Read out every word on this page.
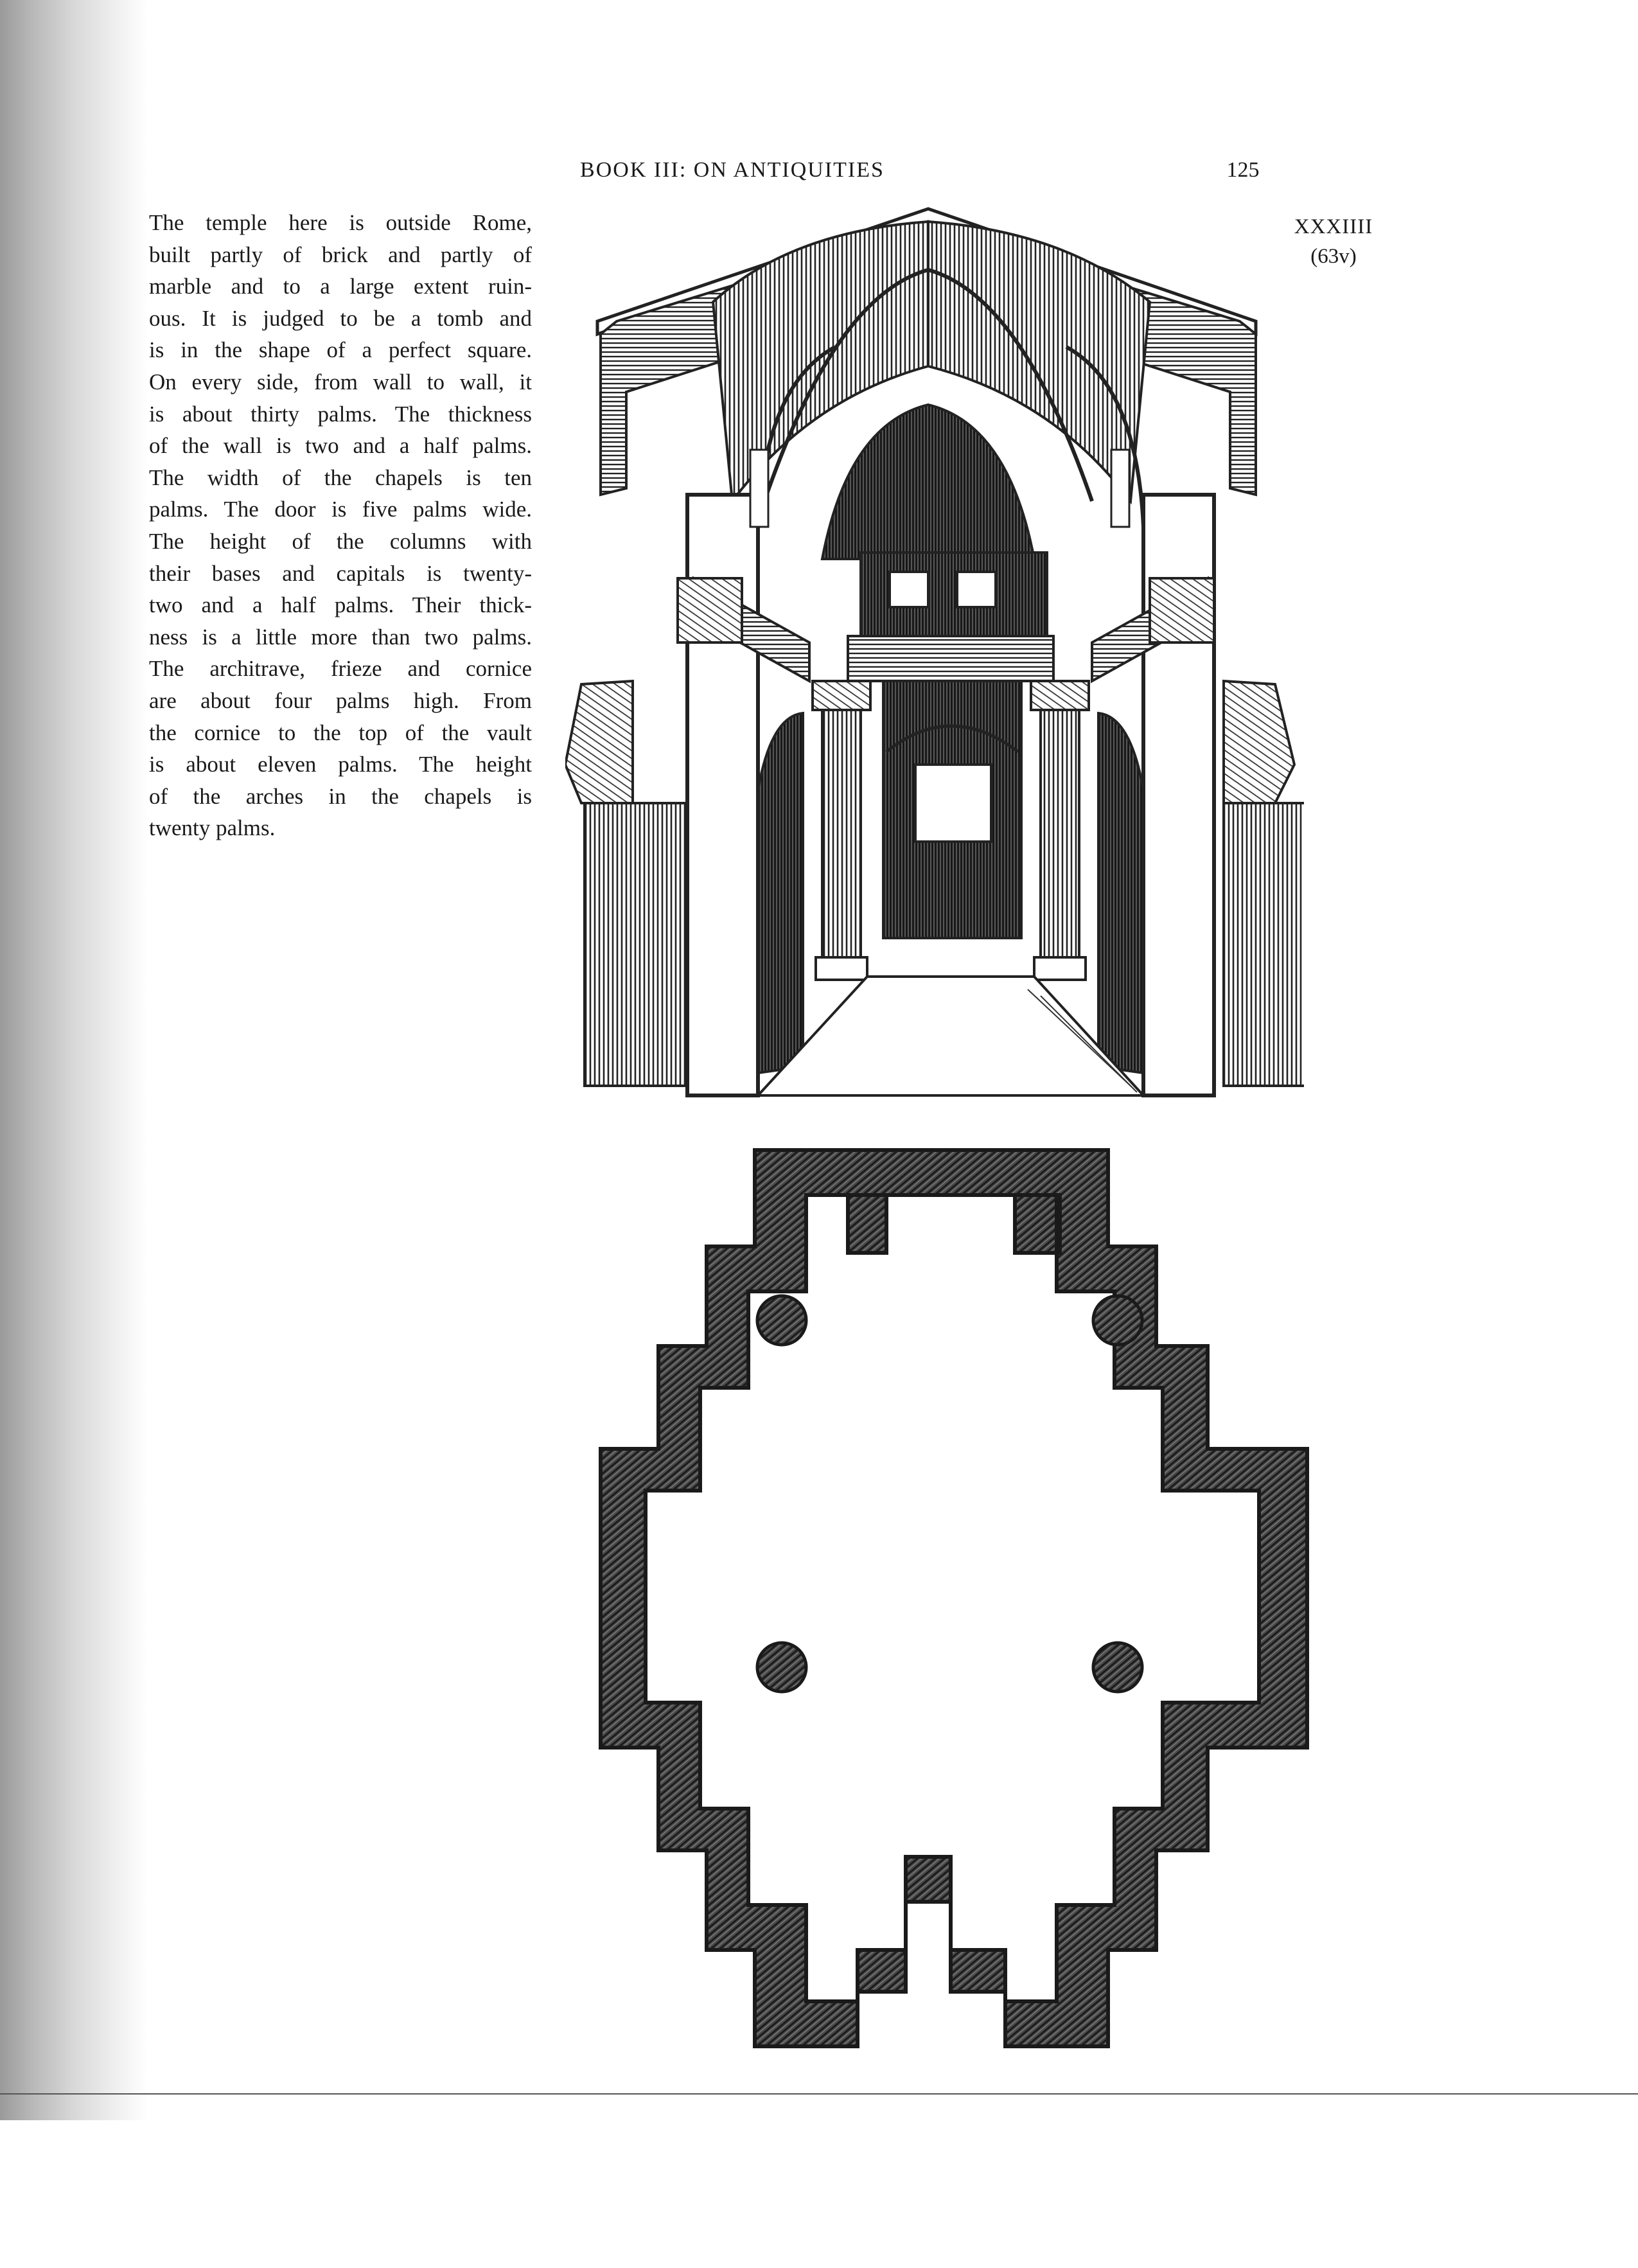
BOOK III: ON ANTIQUITIES	125
XXXIIII
(63v)
The temple here is outside Rome,
built partly of brick and partly of
marble and to a large extent ruin-
ous. It is judged to be a tomb and
is in the shape of a perfect square.
On every side, from wall to wall, it
is about thirty palms. The thickness
of the wall is two and a half palms.
The width of the chapels is ten
palms. The door is five palms wide.
The height of the columns with
their bases and capitals is twenty-
two and a half palms. Their thick-
ness is a little more than two palms.
The architrave, frieze and cornice
are about four palms high. From
the cornice to the top of the vault
is about eleven palms. The height
of the arches in the chapels is
twenty palms.
